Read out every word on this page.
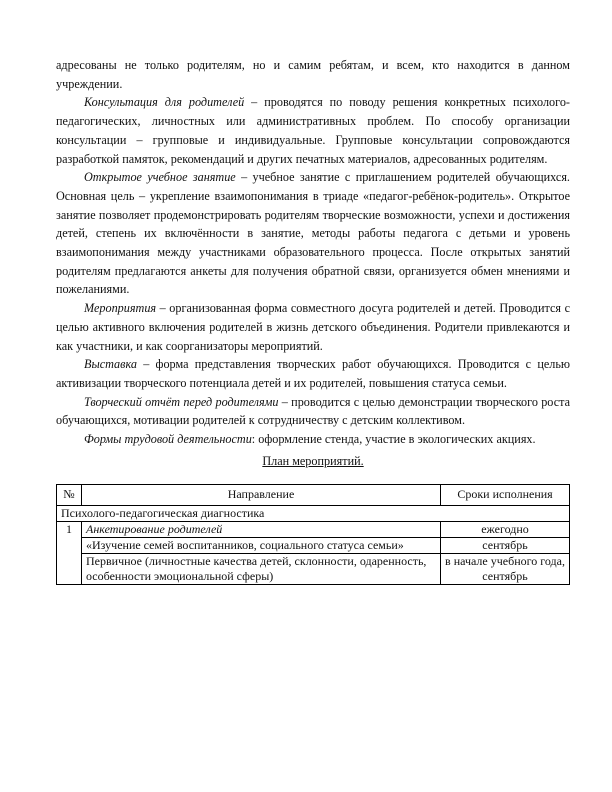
адресованы не только родителям, но и самим ребятам, и всем, кто находится в данном учреждении.

Консультация для родителей – проводятся по поводу решения конкретных психолого-педагогических, личностных или административных проблем. По способу организации консультации – групповые и индивидуальные. Групповые консультации сопровождаются разработкой памяток, рекомендаций и других печатных материалов, адресованных родителям.

Открытое учебное занятие – учебное занятие с приглашением родителей обучающихся. Основная цель – укрепление взаимопонимания в триаде «педагог-ребёнок-родитель». Открытое занятие позволяет продемонстрировать родителям творческие возможности, успехи и достижения детей, степень их включённости в занятие, методы работы педагога с детьми и уровень взаимопонимания между участниками образовательного процесса. После открытых занятий родителям предлагаются анкеты для получения обратной связи, организуется обмен мнениями и пожеланиями.

Мероприятия – организованная форма совместного досуга родителей и детей. Проводится с целью активного включения родителей в жизнь детского объединения. Родители привлекаются и как участники, и как соорганизаторы мероприятий.

Выставка – форма представления творческих работ обучающихся. Проводится с целью активизации творческого потенциала детей и их родителей, повышения статуса семьи.

Творческий отчёт перед родителями – проводится с целью демонстрации творческого роста обучающихся, мотивации родителей к сотрудничеству с детским коллективом.

Формы трудовой деятельности: оформление стенда, участие в экологических акциях.

План мероприятий.
№	Направление	Сроки исполнения
Психолого-педагогическая диагностика		
1	Анкетирование родителей	ежегодно
	«Изучение семей воспитанников, социального статуса семьи»	сентябрь
	Первичное (личностные качества детей, склонности, одаренность, особенности эмоциональной сферы)	в начале учебного года, сентябрь
